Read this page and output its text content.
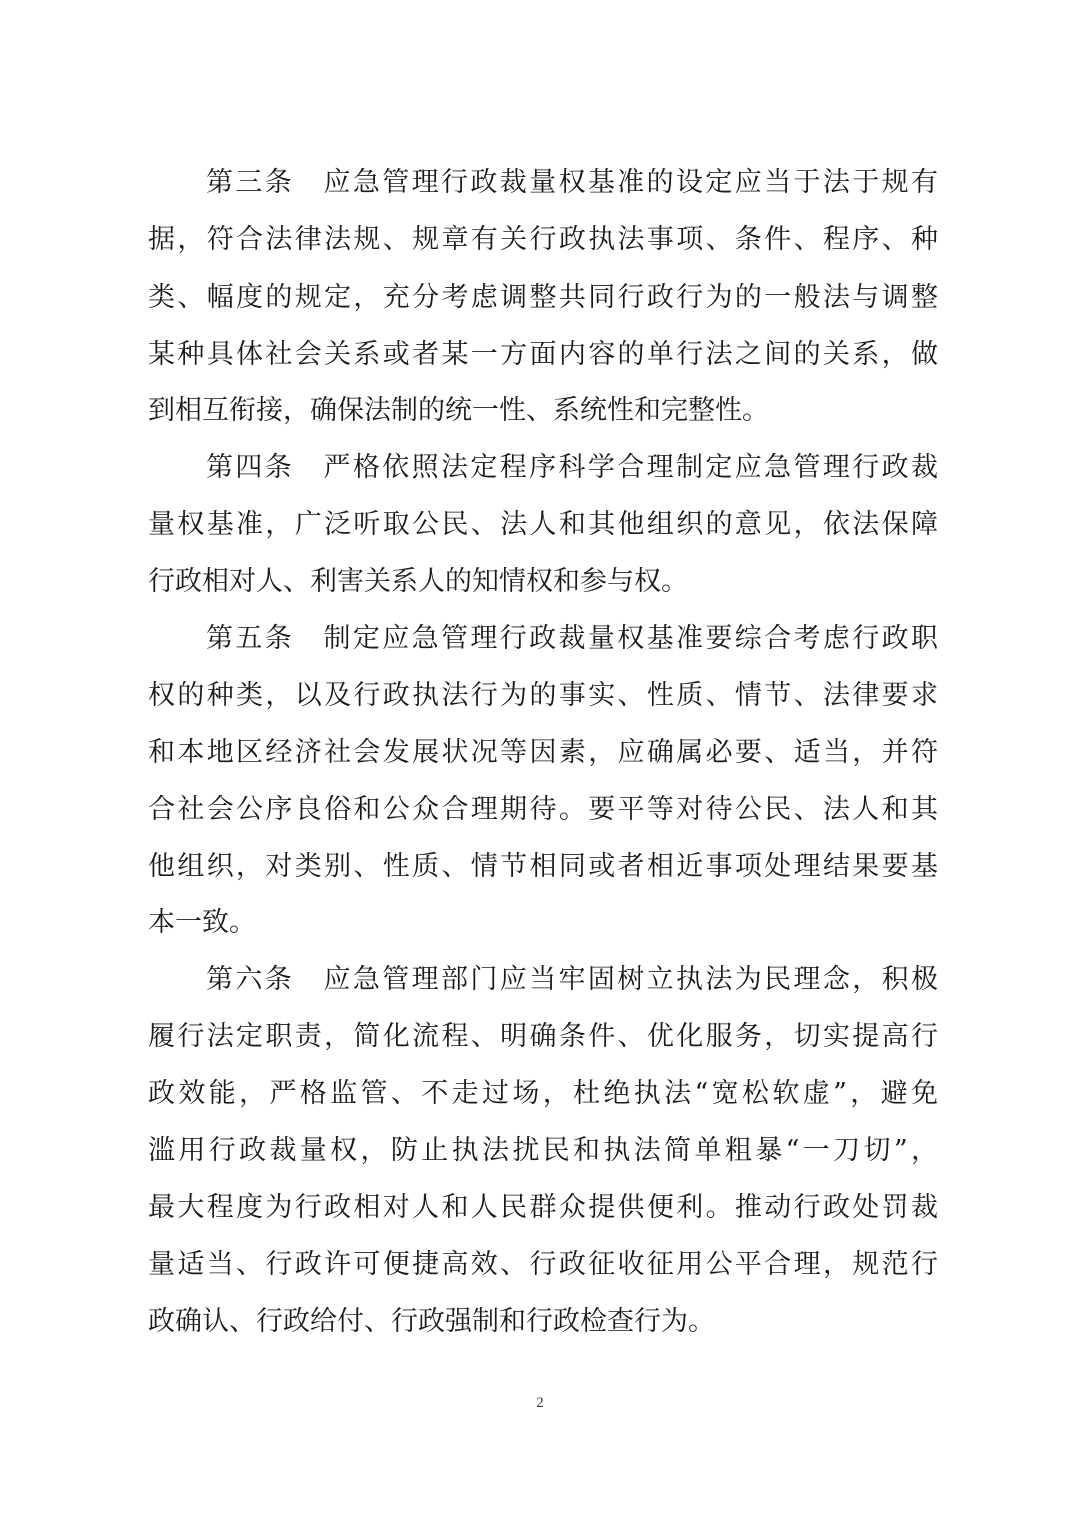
第三条　应急管理行政裁量权基准的设定应当于法于规有
据，符合法律法规、规章有关行政执法事项、条件、程序、种
类、幅度的规定，充分考虑调整共同行政行为的一般法与调整
某种具体社会关系或者某一方面内容的单行法之间的关系，做
到相互衔接，确保法制的统一性、系统性和完整性。
第四条　严格依照法定程序科学合理制定应急管理行政裁
量权基准，广泛听取公民、法人和其他组织的意见，依法保障
行政相对人、利害关系人的知情权和参与权。
第五条　制定应急管理行政裁量权基准要综合考虑行政职
权的种类，以及行政执法行为的事实、性质、情节、法律要求
和本地区经济社会发展状况等因素，应确属必要、适当，并符
合社会公序良俗和公众合理期待。要平等对待公民、法人和其
他组织，对类别、性质、情节相同或者相近事项处理结果要基
本一致。
第六条　应急管理部门应当牢固树立执法为民理念，积极
履行法定职责，简化流程、明确条件、优化服务，切实提高行
政效能，严格监管、不走过场，杜绝执法“宽松软虚”，避免
滥用行政裁量权，防止执法扰民和执法简单粗暴“一刀切”，
最大程度为行政相对人和人民群众提供便利。推动行政处罚裁
量适当、行政许可便捷高效、行政征收征用公平合理，规范行
政确认、行政给付、行政强制和行政检查行为。
2
